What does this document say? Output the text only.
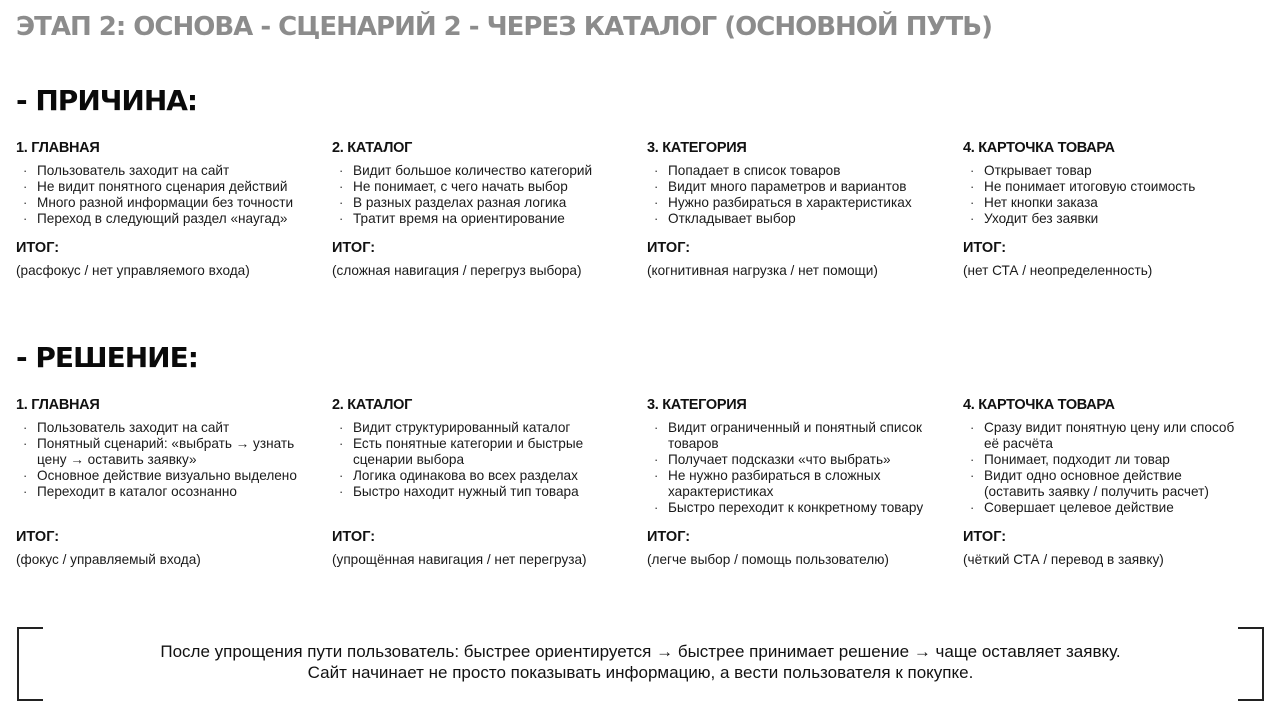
ЭТАП 2: ОСНОВА - СЦЕНАРИЙ 2 - ЧЕРЕЗ КАТАЛОГ (ОСНОВНОЙ ПУТЬ)
- ПРИЧИНА:
1. ГЛАВНАЯ
· Пользователь заходит на сайт
· Не видит понятного сценария действий
· Много разной информации без точности
· Переход в следующий раздел «наугад»
ИТОГ:
(расфокус / нет управляемого входа)
2. КАТАЛОГ
· Видит большое количество категорий
· Не понимает, с чего начать выбор
· В разных разделах разная логика
· Тратит время на ориентирование
ИТОГ:
(сложная навигация / перегруз выбора)
3. КАТЕГОРИЯ
· Попадает в список товаров
· Видит много параметров и вариантов
· Нужно разбираться в характеристиках
· Откладывает выбор
ИТОГ:
(когнитивная нагрузка / нет помощи)
4. КАРТОЧКА ТОВАРА
· Открывает товар
· Не понимает итоговую стоимость
· Нет кнопки заказа
· Уходит без заявки
ИТОГ:
(нет СТА / неопределенность)
- РЕШЕНИЕ:
1. ГЛАВНАЯ
· Пользователь заходит на сайт
· Понятный сценарий: «выбрать → узнать цену → оставить заявку»
· Основное действие визуально выделено
· Переходит в каталог осознанно
ИТОГ:
(фокус / управляемый входа)
2. КАТАЛОГ
· Видит структурированный каталог
· Есть понятные категории и быстрые сценарии выбора
· Логика одинакова во всех разделах
· Быстро находит нужный тип товара
ИТОГ:
(упрощённая навигация / нет перегруза)
3. КАТЕГОРИЯ
· Видит ограниченный и понятный список товаров
· Получает подсказки «что выбрать»
· Не нужно разбираться в сложных характеристиках
· Быстро переходит к конкретному товару
ИТОГ:
(легче выбор / помощь пользователю)
4. КАРТОЧКА ТОВАРА
· Сразу видит понятную цену или способ её расчёта
· Понимает, подходит ли товар
· Видит одно основное действие (оставить заявку / получить расчет)
· Совершает целевое действие
ИТОГ:
(чёткий СТА / перевод в заявку)
После упрощения пути пользователь: быстрее ориентируется → быстрее принимает решение → чаще оставляет заявку.
Сайт начинает не просто показывать информацию, а вести пользователя к покупке.
